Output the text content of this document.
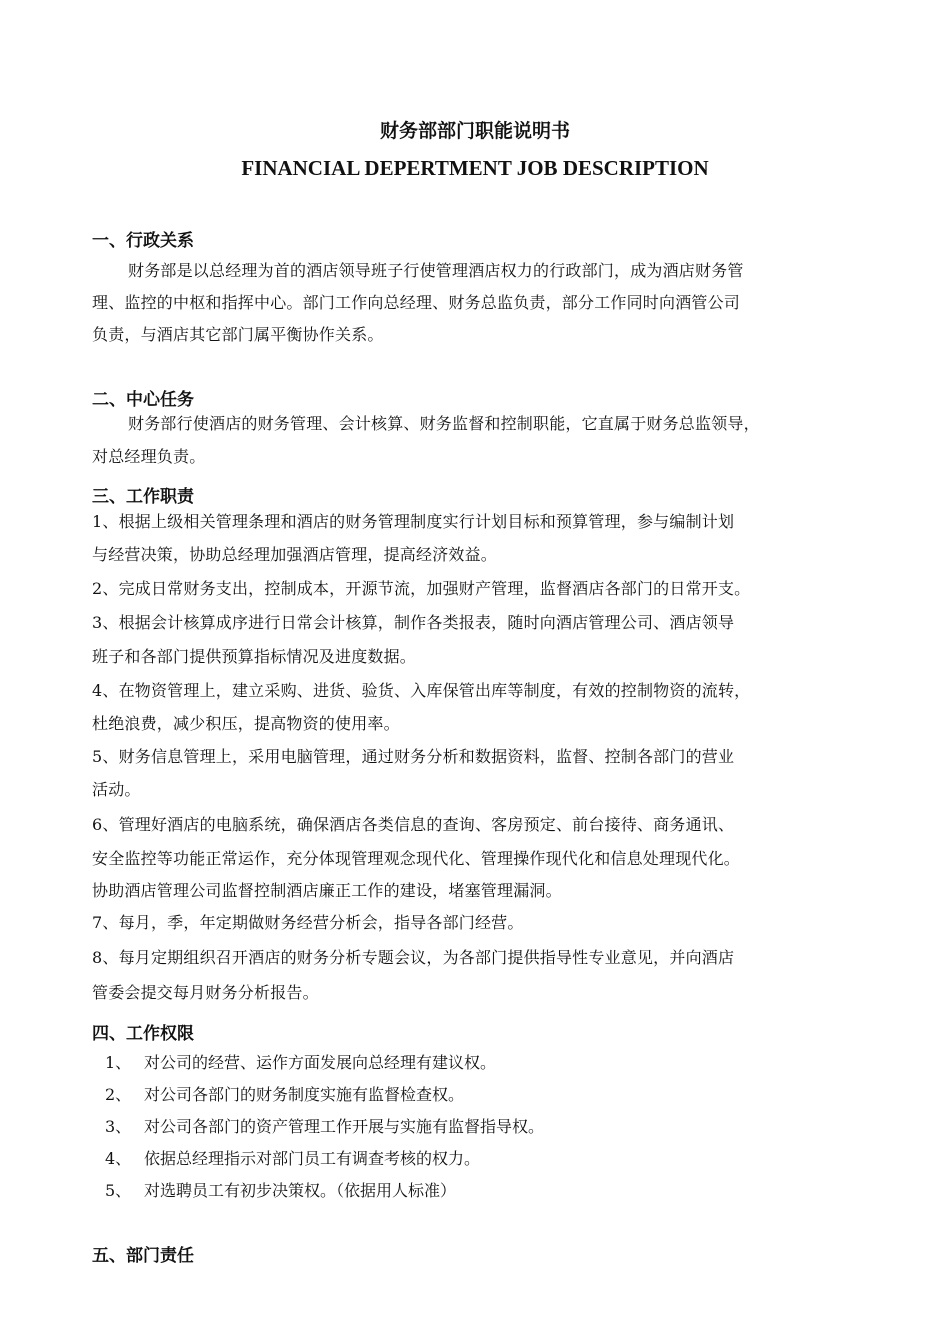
财务部部门职能说明书
FINANCIAL DEPERTMENT JOB DESCRIPTION
一、行政关系
财务部是以总经理为首的酒店领导班子行使管理酒店权力的行政部门，成为酒店财务管
理、监控的中枢和指挥中心。部门工作向总经理、财务总监负责，部分工作同时向酒管公司
负责，与酒店其它部门属平衡协作关系。
二、中心任务
财务部行使酒店的财务管理、会计核算、财务监督和控制职能，它直属于财务总监领导，
对总经理负责。
三、工作职责
1、根据上级相关管理条理和酒店的财务管理制度实行计划目标和预算管理，参与编制计划
与经营决策，协助总经理加强酒店管理，提高经济效益。
2、完成日常财务支出，控制成本，开源节流，加强财产管理，监督酒店各部门的日常开支。
3、根据会计核算成序进行日常会计核算，制作各类报表，随时向酒店管理公司、酒店领导
班子和各部门提供预算指标情况及进度数据。
4、在物资管理上，建立采购、进货、验货、入库保管出库等制度，有效的控制物资的流转，
杜绝浪费，减少积压，提高物资的使用率。
5、财务信息管理上，采用电脑管理，通过财务分析和数据资料，监督、控制各部门的营业
活动。
6、管理好酒店的电脑系统，确保酒店各类信息的查询、客房预定、前台接待、商务通讯、
安全监控等功能正常运作，充分体现管理观念现代化、管理操作现代化和信息处理现代化。
协助酒店管理公司监督控制酒店廉正工作的建设，堵塞管理漏洞。
7、每月，季，年定期做财务经营分析会，指导各部门经营。
8、每月定期组织召开酒店的财务分析专题会议，为各部门提供指导性专业意见，并向酒店
管委会提交每月财务分析报告。
四、工作权限
1、 对公司的经营、运作方面发展向总经理有建议权。
2、 对公司各部门的财务制度实施有监督检查权。
3、 对公司各部门的资产管理工作开展与实施有监督指导权。
4、 依据总经理指示对部门员工有调查考核的权力。
5、 对选聘员工有初步决策权。（依据用人标准）
五、部门责任
